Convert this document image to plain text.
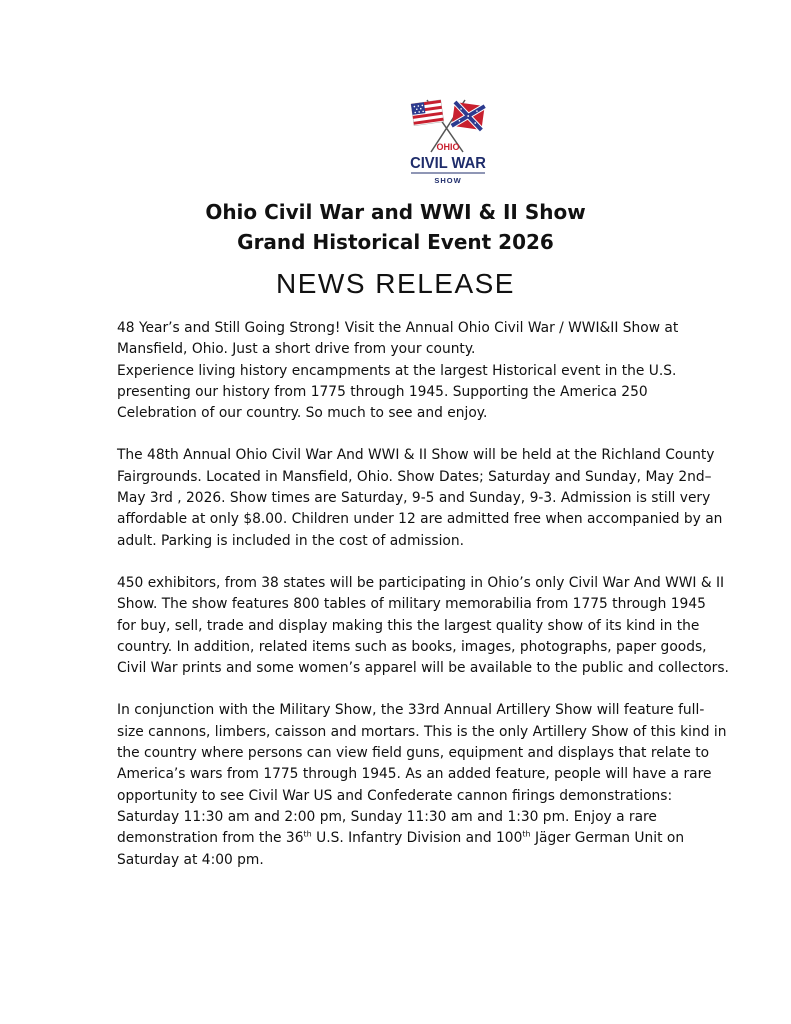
OHIO
CIVIL WAR
SHOW
Ohio Civil War and WWI & II Show
Grand Historical Event 2026
NEWS RELEASE

48 Year’s and Still Going Strong! Visit the Annual Ohio Civil War / WWI&II Show at Mansfield, Ohio. Just a short drive from your county.
Experience living history encampments at the largest Historical event in the U.S. presenting our history from 1775 through 1945. Supporting the America 250 Celebration of our country. So much to see and enjoy.

The 48th Annual Ohio Civil War And WWI & II Show will be held at the Richland County Fairgrounds. Located in Mansfield, Ohio. Show Dates; Saturday and Sunday, May 2nd– May 3rd , 2026. Show times are Saturday, 9-5 and Sunday, 9-3. Admission is still very affordable at only $8.00. Children under 12 are admitted free when accompanied by an adult. Parking is included in the cost of admission.

450 exhibitors, from 38 states will be participating in Ohio’s only Civil War And WWI & II Show. The show features 800 tables of military memorabilia from 1775 through 1945 for buy, sell, trade and display making this the largest quality show of its kind in the country. In addition, related items such as books, images, photographs, paper goods, Civil War prints and some women’s apparel will be available to the public and collectors.

In conjunction with the Military Show, the 33rd Annual Artillery Show will feature full-size cannons, limbers, caisson and mortars. This is the only Artillery Show of this kind in the country where persons can view field guns, equipment and displays that relate to America’s wars from 1775 through 1945. As an added feature, people will have a rare opportunity to see Civil War US and Confederate cannon firings demonstrations: Saturday 11:30 am and 2:00 pm, Sunday 11:30 am and 1:30 pm. Enjoy a rare demonstration from the 36th U.S. Infantry Division and 100th Jäger German Unit on Saturday at 4:00 pm.
